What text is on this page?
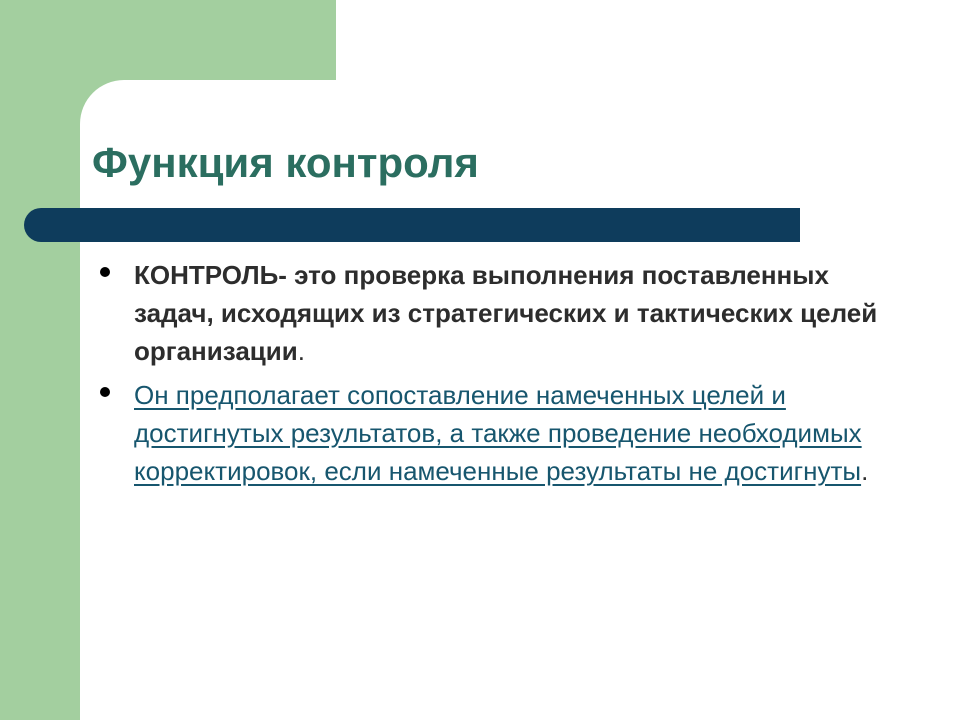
Функция контроля
КОНТРОЛЬ- это проверка выполнения поставленных задач, исходящих из стратегических и тактических целей организации.
Он предполагает сопоставление намеченных целей и достигнутых результатов, а также проведение необходимых корректировок, если намеченные результаты не достигнуты.
